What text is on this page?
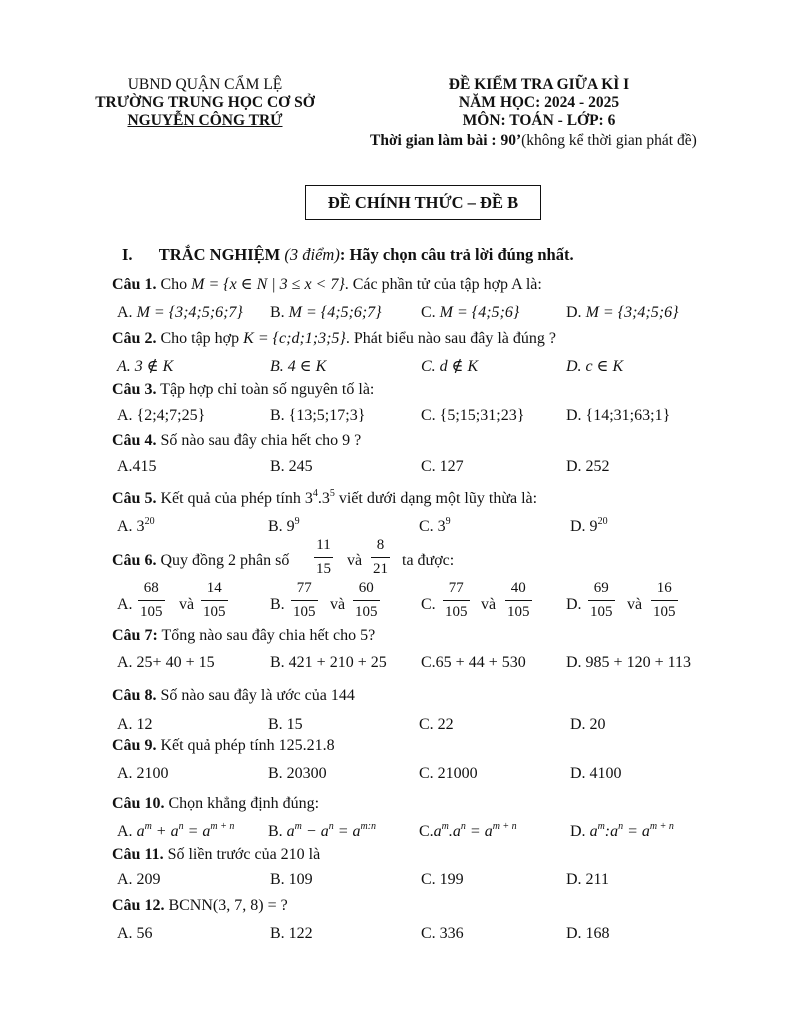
UBND QUẬN CẨM LỆ
TRƯỜNG TRUNG HỌC CƠ SỞ
NGUYỄN CÔNG TRỨ
ĐỀ KIỂM TRA GIỮA KÌ I
NĂM HỌC: 2024 - 2025
MÔN: TOÁN - LỚP: 6
Thời gian làm bài : 90’(không kể thời gian phát đề)
ĐỀ CHÍNH THỨC – ĐỀ B
I. TRẮC NGHIỆM (3 điểm): Hãy chọn câu trả lời đúng nhất.
Câu 1. Cho M = {x ∈ N | 3 ≤ x < 7}. Các phần tử của tập hợp A là:
A. M = {3;4;5;6;7} B. M = {4;5;6;7} C. M = {4;5;6}	D. M = {3;4;5;6}
Câu 2. Cho tập hợp K = {c;d;1;3;5}. Phát biểu nào sau đây là đúng ?
A. 3 ∉ K	B. 4 ∈ K	C. d ∉ K	D. c ∈ K
Câu 3. Tập hợp chỉ toàn số nguyên tố là:
A. {2;4;7;25}	B. {13;5;17;3}	C. {5;15;31;23}	D. {14;31;63;1}
Câu 4. Số nào sau đây chia hết cho 9 ?
A.415	B. 245	C. 127	D. 252
Câu 5. Kết quả của phép tính $3^4.3^5$ viết dưới dạng một lũy thừa là:
A. $3^{20}$	B. $9^9$	C. $3^9$	D. $9^{20}$
Câu 6. Quy đồng 2 phân số
11
15 và
8
21 ta được:
A.
68
105 và
14
105	B.
77
105 và
60
105	C.
77
105 và
40
105 D.
69
105 và
16
105
Câu 7: Tổng nào sau đây chia hết cho 5?
A. 25+ 40 + 15	B. 421 + 210 + 25 C.65 + 44 + 530	D. 985 + 120 + 113
Câu 8. Số nào sau đây là ước của 144
A. 12	B. 15	C. 22	D. 20
Câu 9. Kết quả phép tính 125.21.8
A. 2100	B. 20300	C. 21000	D. 4100
Câu 10. Chọn khẳng định đúng:
A. $a^m + a^n = a^{m + n}$ B. $a^m - a^n = a^{m:n}$	$C.a^m.a^n = a^{m + n}$	D. $a^m:a^n = a^{m + n}$
Câu 11. Số liền trước của 210 là
A. 209	B. 109	C. 199	D. 211
Câu 12. BCNN(3, 7, 8) = ?
A. 56	B. 122	C. 336	D. 168
